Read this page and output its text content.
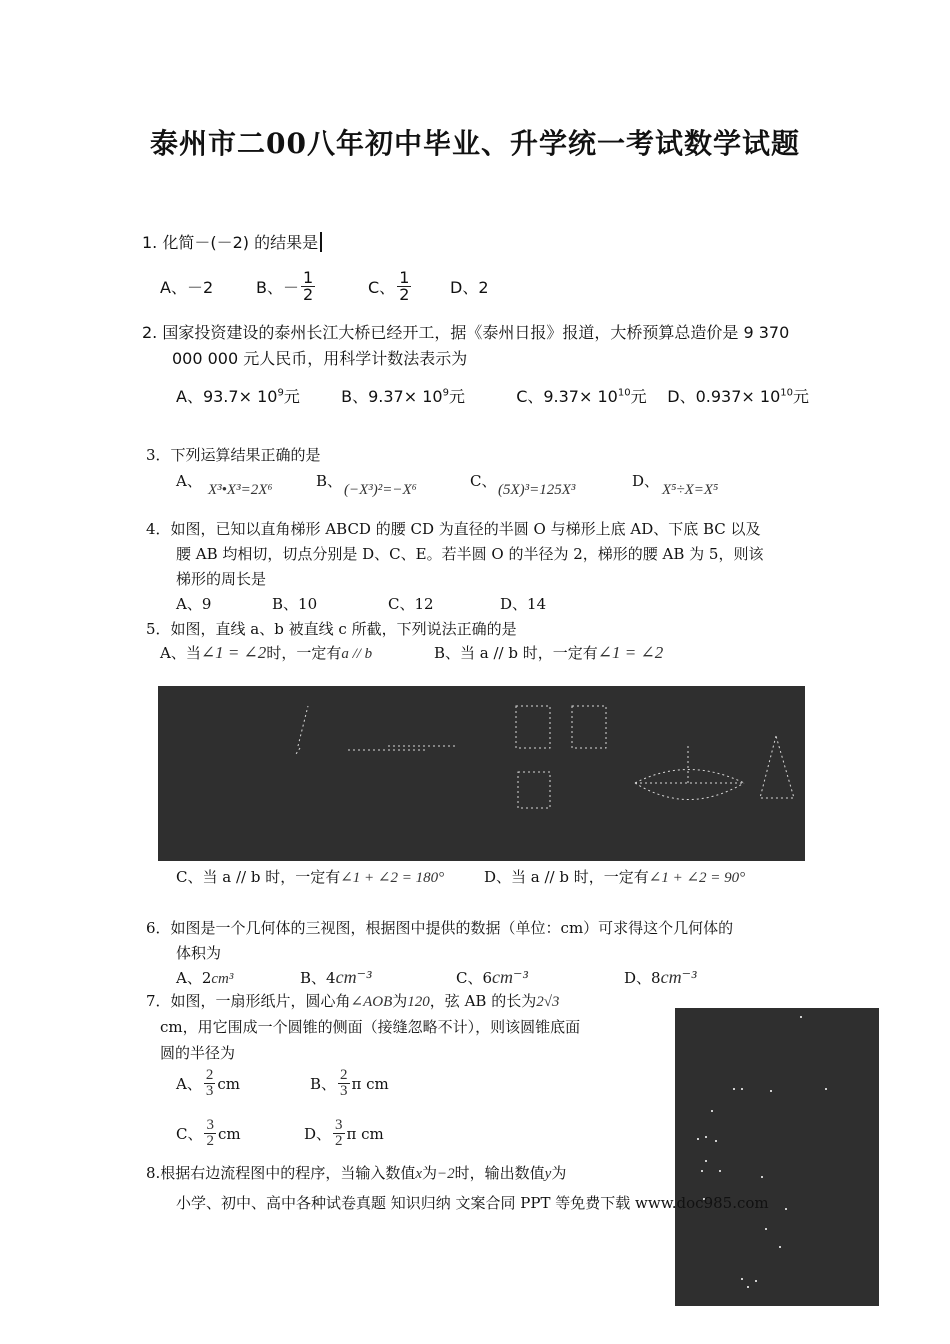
泰州市二00八年初中毕业、升学统一考试数学试题
1. 化简－(－2) 的结果是
A、－2	B、－ $\frac{1}{2}$	C、 $\frac{1}{2}$ D、2
2. 国家投资建设的泰州长江大桥已经开工，据《泰州日报》报道，大桥预算总造价是 9 370
000 000 元人民币，用科学计数法表示为
A、$93.7\times 10^9$元	B、$9.37\times 10^9$元	C、$9.37\times 10^{10}$元 D、$0.937\times 10^{10}$元
3．下列运算结果正确的是
A、 X³•X³=2X⁶	B、 (−X³)²=−X⁶	C、 (5X)³=125X³	D、 X⁵÷X=X⁵
4．如图，已知以直角梯形 ABCD 的腰 CD 为直径的半圆 O 与梯形上底 AD、下底 BC 以及
腰 AB 均相切，切点分别是 D、C、E。若半圆 O 的半径为 2，梯形的腰 AB 为 5，则该
梯形的周长是
A、9	B、10	C、12	D、14
5．如图，直线 a、b 被直线 c 所截，下列说法正确的是
A、当∠1 = ∠2时，一定有a // b	B、当 a // b 时，一定有∠1 = ∠2
C、当 a // b 时，一定有∠1 + ∠2 = 180°	D、当 a // b 时，一定有∠1 + ∠2 = 90°
6．如图是一个几何体的三视图，根据图中提供的数据（单位：cm）可求得这个几何体的
体积为
A、2cm³	B、4cm⁻³	C、6cm⁻³	D、8cm⁻³
7．如图，一扇形纸片，圆心角∠AOB为120，弦 AB 的长为2√3
cm，用它围成一个圆锥的侧面（接缝忽略不计），则该圆锥底面
圆的半径为
A、 $\frac{2}{3}$ cm	B、 $\frac{2}{3}$ π cm
C、 $\frac{3}{2}$ cm	D、 $\frac{3}{2}$ π cm
8.根据右边流程图中的程序，当输入数值x为−2时，输出数值y为
小学、初中、高中各种试卷真题 知识归纳 文案合同 PPT 等免费下载 www.doc985.com
